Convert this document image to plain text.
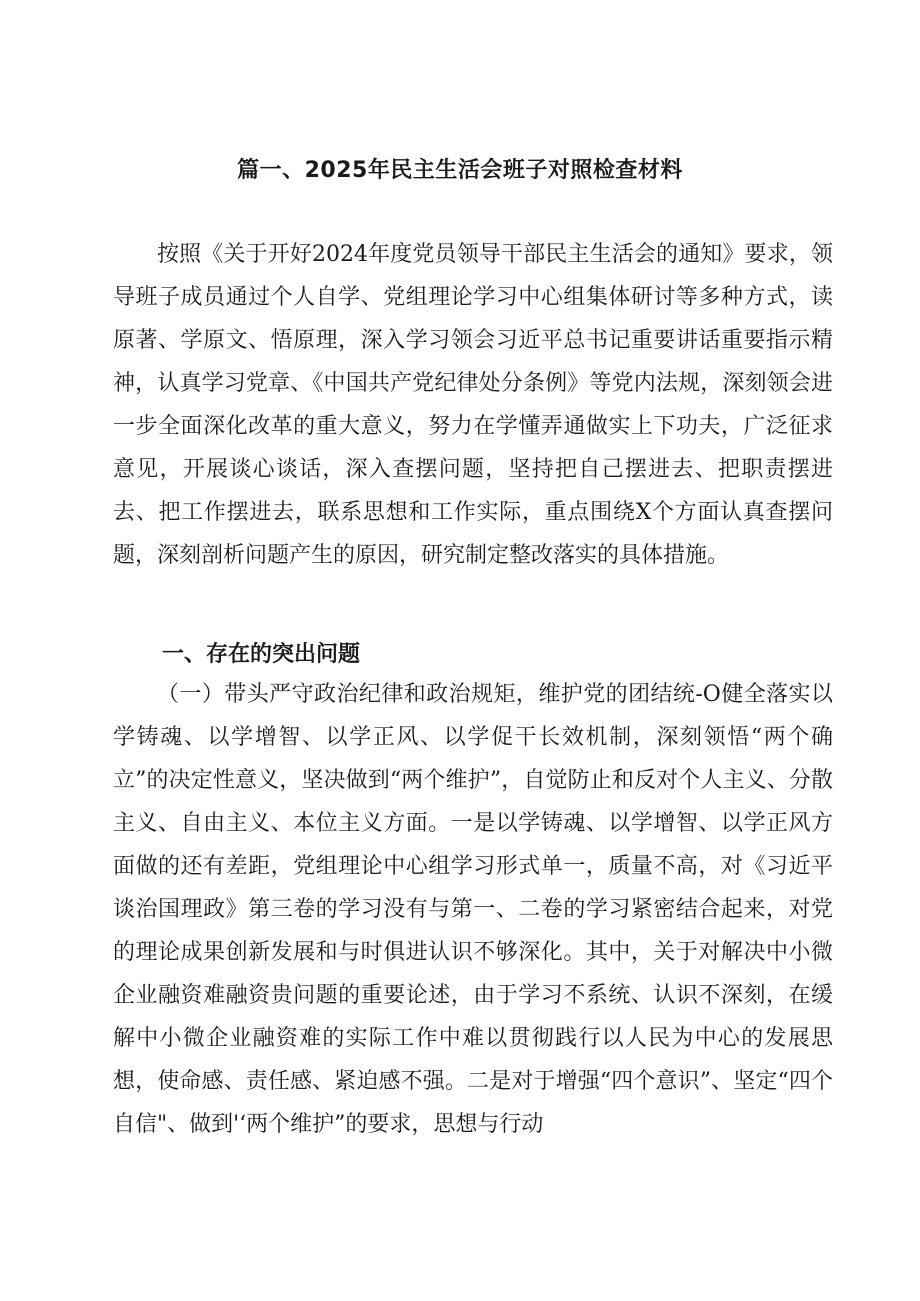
篇一、2025年民主生活会班子对照检查材料

按照《关于开好2024年度党员领导干部民主生活会的通知》要求，领导班子成员通过个人自学、党组理论学习中心组集体研讨等多种方式，读原著、学原文、悟原理，深入学习领会习近平总书记重要讲话重要指示精神，认真学习党章、《中国共产党纪律处分条例》等党内法规，深刻领会进一步全面深化改革的重大意义，努力在学懂弄通做实上下功夫，广泛征求意见，开展谈心谈话，深入查摆问题，坚持把自己摆进去、把职责摆进去、把工作摆进去，联系思想和工作实际，重点围绕X个方面认真查摆问题，深刻剖析问题产生的原因，研究制定整改落实的具体措施。

一、存在的突出问题

（一）带头严守政治纪律和政治规矩，维护党的团结统-O健全落实以学铸魂、以学增智、以学正风、以学促干长效机制，深刻领悟“两个确立”的决定性意义，坚决做到“两个维护”，自觉防止和反对个人主义、分散主义、自由主义、本位主义方面。一是以学铸魂、以学增智、以学正风方面做的还有差距，党组理论中心组学习形式单一，质量不高，对《习近平谈治国理政》第三卷的学习没有与第一、二卷的学习紧密结合起来，对党的理论成果创新发展和与时俱进认识不够深化。其中，关于对解决中小微企业融资难融资贵问题的重要论述，由于学习不系统、认识不深刻，在缓解中小微企业融资难的实际工作中难以贯彻践行以人民为中心的发展思想，使命感、责任感、紧迫感不强。二是对于增强“四个意识”、坚定“四个自信"、做到'‘两个维护”的要求，思想与行动
